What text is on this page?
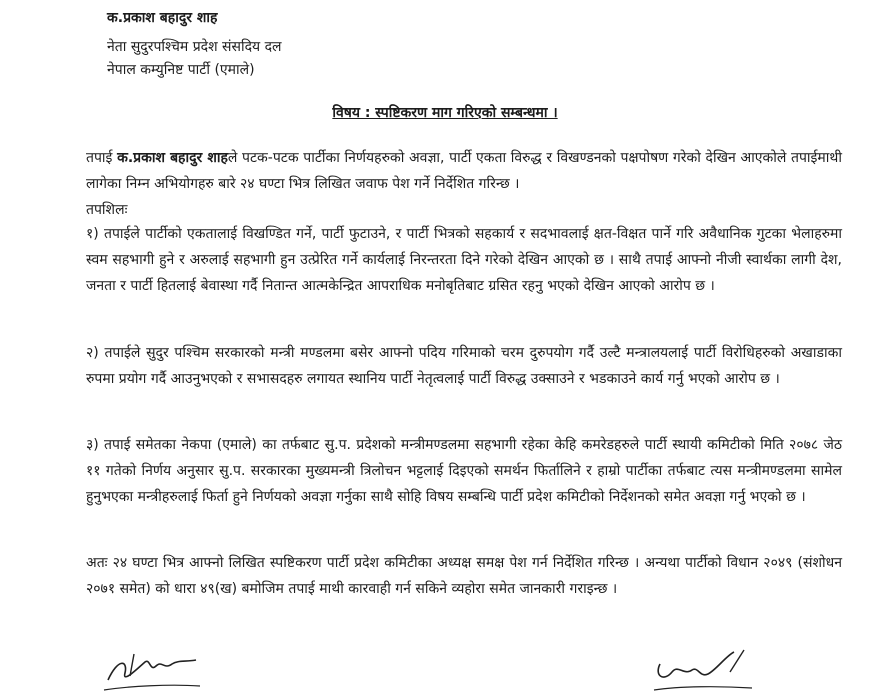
क.प्रकाश बहादुर शाह
नेता सुदुरपश्चिम प्रदेश संसदिय दल
नेपाल कम्युनिष्ट पार्टी (एमाले)
विषय : स्पष्टिकरण माग गरिएको सम्बन्धमा ।
तपाई क.प्रकाश बहादुर शाहले पटक-पटक पार्टीका निर्णयहरुको अवज्ञा, पार्टी एकता विरुद्ध र विखण्डनको पक्षपोषण गरेको देखिन आएकोले तपाईमाथी लागेका निम्न अभियोगहरु बारे २४ घण्टा भित्र लिखित जवाफ पेश गर्ने निर्देशित गरिन्छ ।
तपशिलः
१) तपाईले पार्टीको एकतालाई विखण्डित गर्ने, पार्टी फुटाउने, र पार्टी भित्रको सहकार्य र सदभावलाई क्षत-विक्षत पार्ने गरि अवैधानिक गुटका भेलाहरुमा स्वम सहभागी हुने र अरुलाई सहभागी हुन उत्प्रेरित गर्ने कार्यलाई निरन्तरता दिने गरेको देखिन आएको छ । साथै तपाई आफ्नो नीजी स्वार्थका लागी देश, जनता र पार्टी हितलाई बेवास्था गर्दै नितान्त आत्मकेन्द्रित आपराधिक मनोबृतिबाट ग्रसित रहनु भएको देखिन आएको आरोप छ ।
२) तपाईले सुदुर पश्चिम सरकारको मन्त्री मण्डलमा बसेर आफ्नो पदिय गरिमाको चरम दुरुपयोग गर्दै उल्टै मन्त्रालयलाई पार्टी विरोधिहरुको अखाडाका रुपमा प्रयोग गर्दै आउनुभएको र सभासदहरु लगायत स्थानिय पार्टी नेतृत्वलाई पार्टी विरुद्ध उक्साउने र भडकाउने कार्य गर्नु भएको आरोप छ ।
३) तपाई समेतका नेकपा (एमाले) का तर्फबाट सु.प. प्रदेशको मन्त्रीमण्डलमा सहभागी रहेका केहि कमरेडहरुले पार्टी स्थायी कमिटीको मिति २०७८ जेठ ११ गतेको निर्णय अनुसार सु.प. सरकारका मुख्यमन्त्री त्रिलोचन भट्टलाई दिइएको समर्थन फिर्तालिने र हाम्रो पार्टीका तर्फबाट त्यस मन्त्रीमण्डलमा सामेल हुनुभएका मन्त्रीहरुलाई फिर्ता हुने निर्णयको अवज्ञा गर्नुका साथै सोहि विषय सम्बन्धि पार्टी प्रदेश कमिटीको निर्देशनको समेत अवज्ञा गर्नु भएको छ ।
अतः २४ घण्टा भित्र आफ्नो लिखित स्पष्टिकरण पार्टी प्रदेश कमिटीका अध्यक्ष समक्ष पेश गर्न निर्देशित गरिन्छ । अन्यथा पार्टीको विधान २०४९ (संशोधन २०७१ समेत) को धारा ४९(ख) बमोजिम तपाई माथी कारवाही गर्न सकिने व्यहोरा समेत जानकारी गराइन्छ ।
